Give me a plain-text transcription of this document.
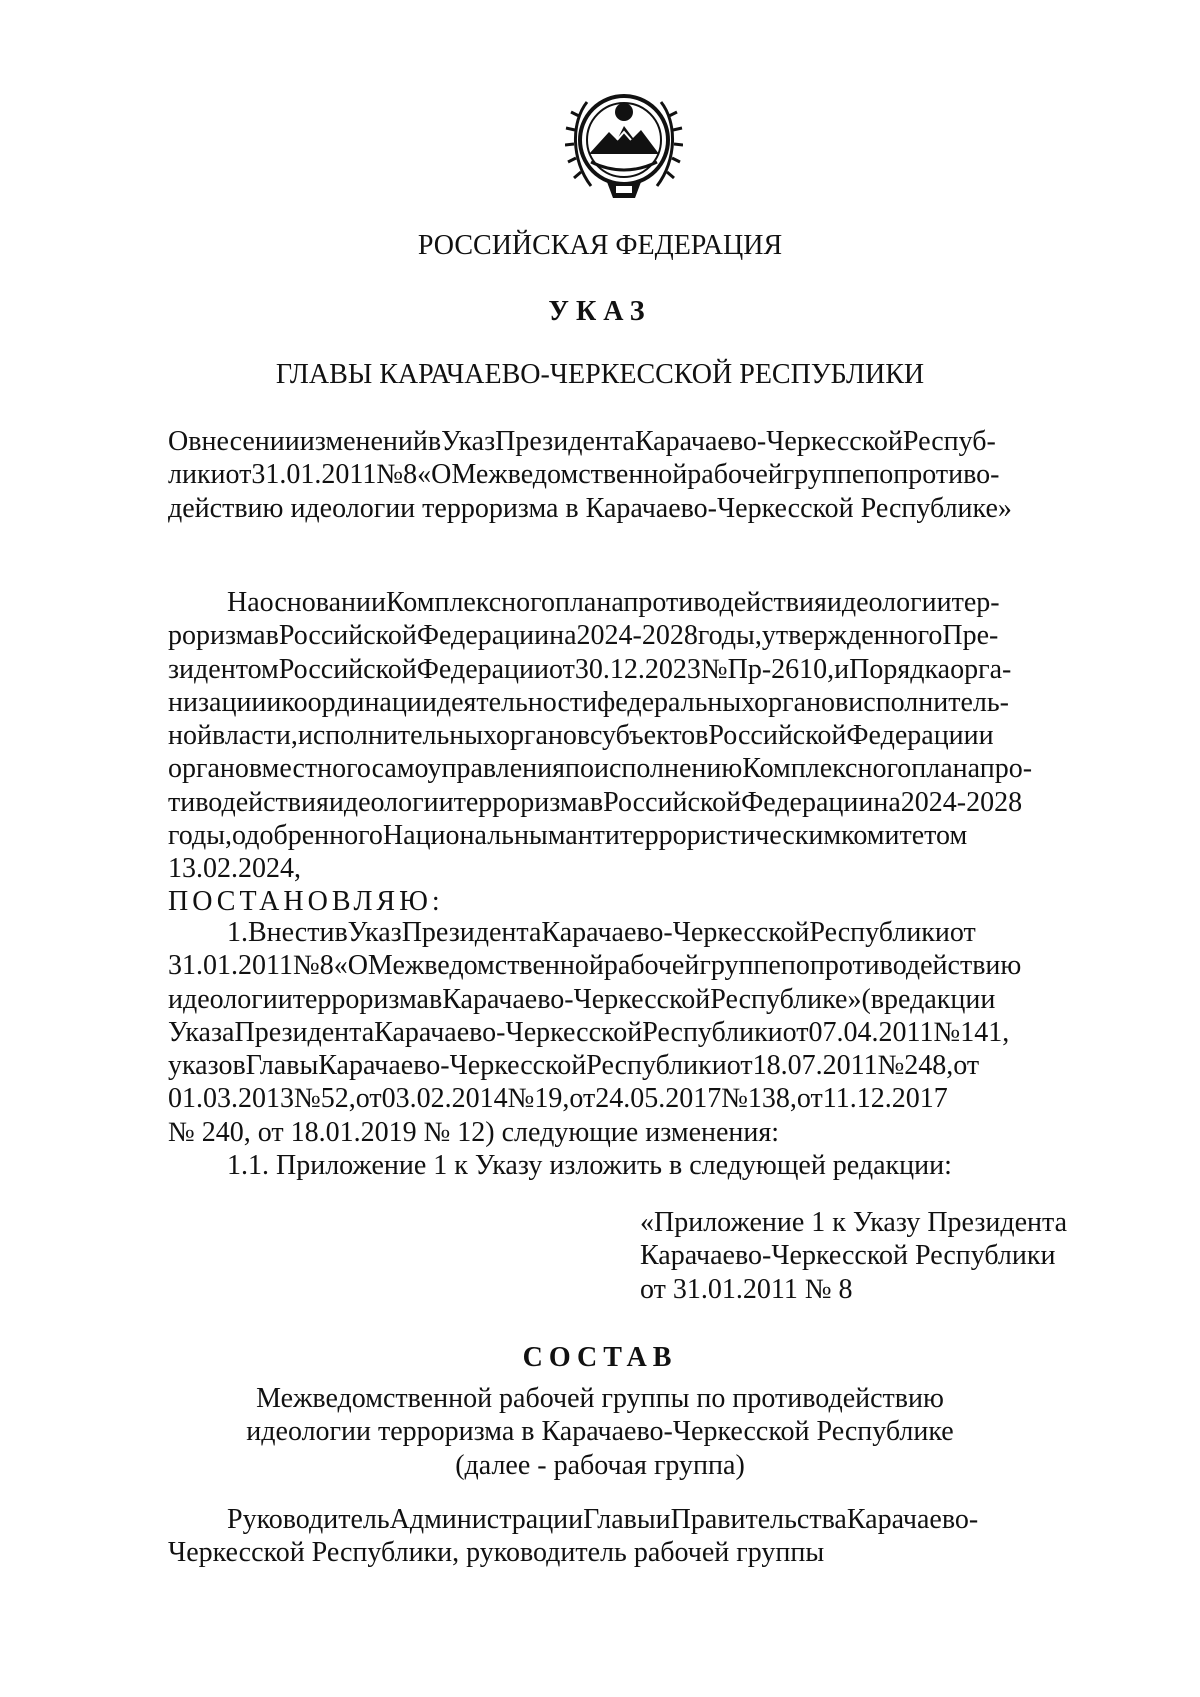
РОССИЙСКАЯ ФЕДЕРАЦИЯ
УКАЗ
ГЛАВЫ КАРАЧАЕВО-ЧЕРКЕССКОЙ РЕСПУБЛИКИ
ОвнесенииизмененийвУказПрезидентаКарачаево-ЧеркесскойРеспуб-
ликиот31.01.2011№8«ОМежведомственнойрабочейгруппепопротиво-
действию идеологии терроризма в Карачаево-Черкесской Республике»
НаоснованииКомплексногопланапротиводействияидеологиитер-
роризмавРоссийскойФедерациина2024-2028годы,утвержденногоПре-
зидентомРоссийскойФедерацииот30.12.2023№Пр-2610,иПорядкаорга-
низацииикоординациидеятельностифедеральныхоргановисполнитель-
нойвласти,исполнительныхоргановсубъектовРоссийскойФедерациии
органовместногосамоуправленияпоисполнениюКомплексногопланапро-
тиводействияидеологиитерроризмавРоссийскойФедерациина2024-2028
годы,одобренногоНациональнымантитеррористическимкомитетом
13.02.2024,
ПОСТАНОВЛЯЮ:
1.ВнестивУказПрезидентаКарачаево-ЧеркесскойРеспубликиот
31.01.2011№8«ОМежведомственнойрабочейгруппепопротиводействию
идеологиитерроризмавКарачаево-ЧеркесскойРеспублике»(вредакции
УказаПрезидентаКарачаево-ЧеркесскойРеспубликиот07.04.2011№141,
указовГлавыКарачаево-ЧеркесскойРеспубликиот18.07.2011№248,от
01.03.2013№52,от03.02.2014№19,от24.05.2017№138,от11.12.2017
№ 240, от 18.01.2019 № 12) следующие изменения:
1.1. Приложение 1 к Указу изложить в следующей редакции:
«Приложение 1 к Указу Президента
Карачаево-Черкесской Республики
от 31.01.2011 № 8
СОСТАВ
Межведомственной рабочей группы по противодействию
идеологии терроризма в Карачаево-Черкесской Республике
(далее - рабочая группа)
РуководительАдминистрацииГлавыиПравительстваКарачаево-
Черкесской Республики, руководитель рабочей группы
